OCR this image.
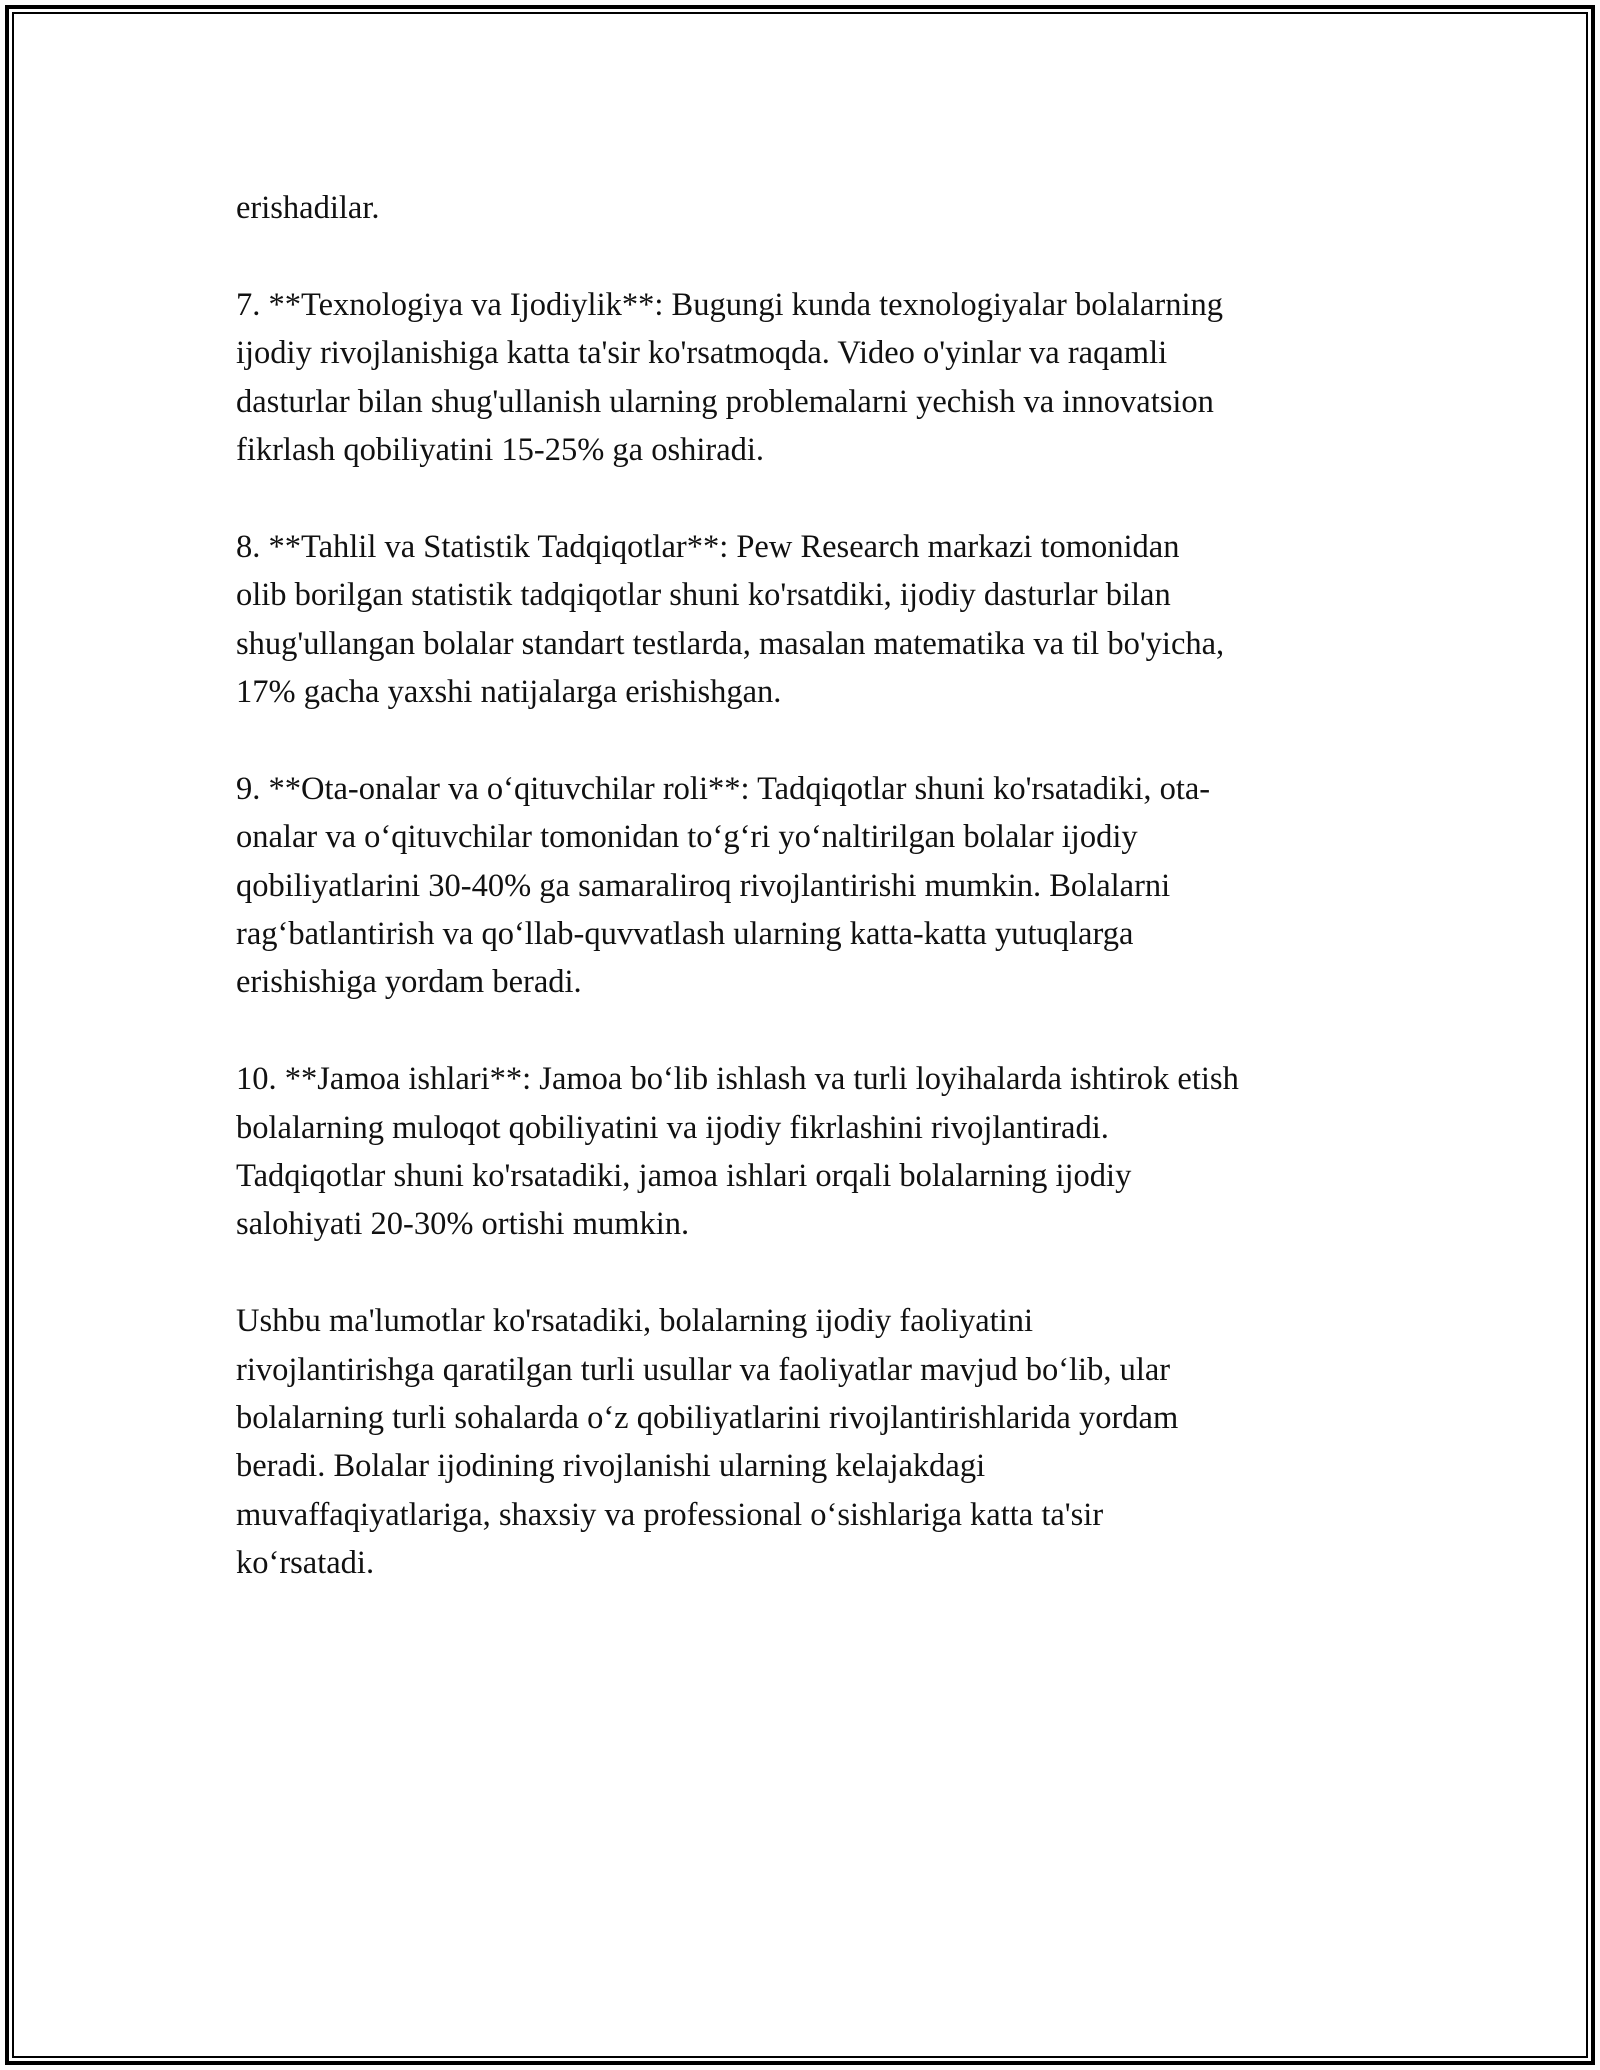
erishadilar.

7. **Texnologiya va Ijodiylik**: Bugungi kunda texnologiyalar bolalarning
ijodiy rivojlanishiga katta ta'sir ko'rsatmoqda. Video o'yinlar va raqamli
dasturlar bilan shug'ullanish ularning problemalarni yechish va innovatsion
fikrlash qobiliyatini 15-25% ga oshiradi.

8. **Tahlil va Statistik Tadqiqotlar**: Pew Research markazi tomonidan
olib borilgan statistik tadqiqotlar shuni ko'rsatdiki, ijodiy dasturlar bilan
shug'ullangan bolalar standart testlarda, masalan matematika va til bo'yicha,
17% gacha yaxshi natijalarga erishishgan.

9. **Ota-onalar va o‘qituvchilar roli**: Tadqiqotlar shuni ko'rsatadiki, ota-
onalar va o‘qituvchilar tomonidan to‘g‘ri yo‘naltirilgan bolalar ijodiy
qobiliyatlarini 30-40% ga samaraliroq rivojlantirishi mumkin. Bolalarni
rag‘batlantirish va qo‘llab-quvvatlash ularning katta-katta yutuqlarga
erishishiga yordam beradi.

10. **Jamoa ishlari**: Jamoa bo‘lib ishlash va turli loyihalarda ishtirok etish
bolalarning muloqot qobiliyatini va ijodiy fikrlashini rivojlantiradi.
Tadqiqotlar shuni ko'rsatadiki, jamoa ishlari orqali bolalarning ijodiy
salohiyati 20-30% ortishi mumkin.

Ushbu ma'lumotlar ko'rsatadiki, bolalarning ijodiy faoliyatini
rivojlantirishga qaratilgan turli usullar va faoliyatlar mavjud bo‘lib, ular
bolalarning turli sohalarda o‘z qobiliyatlarini rivojlantirishlarida yordam
beradi. Bolalar ijodining rivojlanishi ularning kelajakdagi
muvaffaqiyatlariga, shaxsiy va professional o‘sishlariga katta ta'sir
ko‘rsatadi.
